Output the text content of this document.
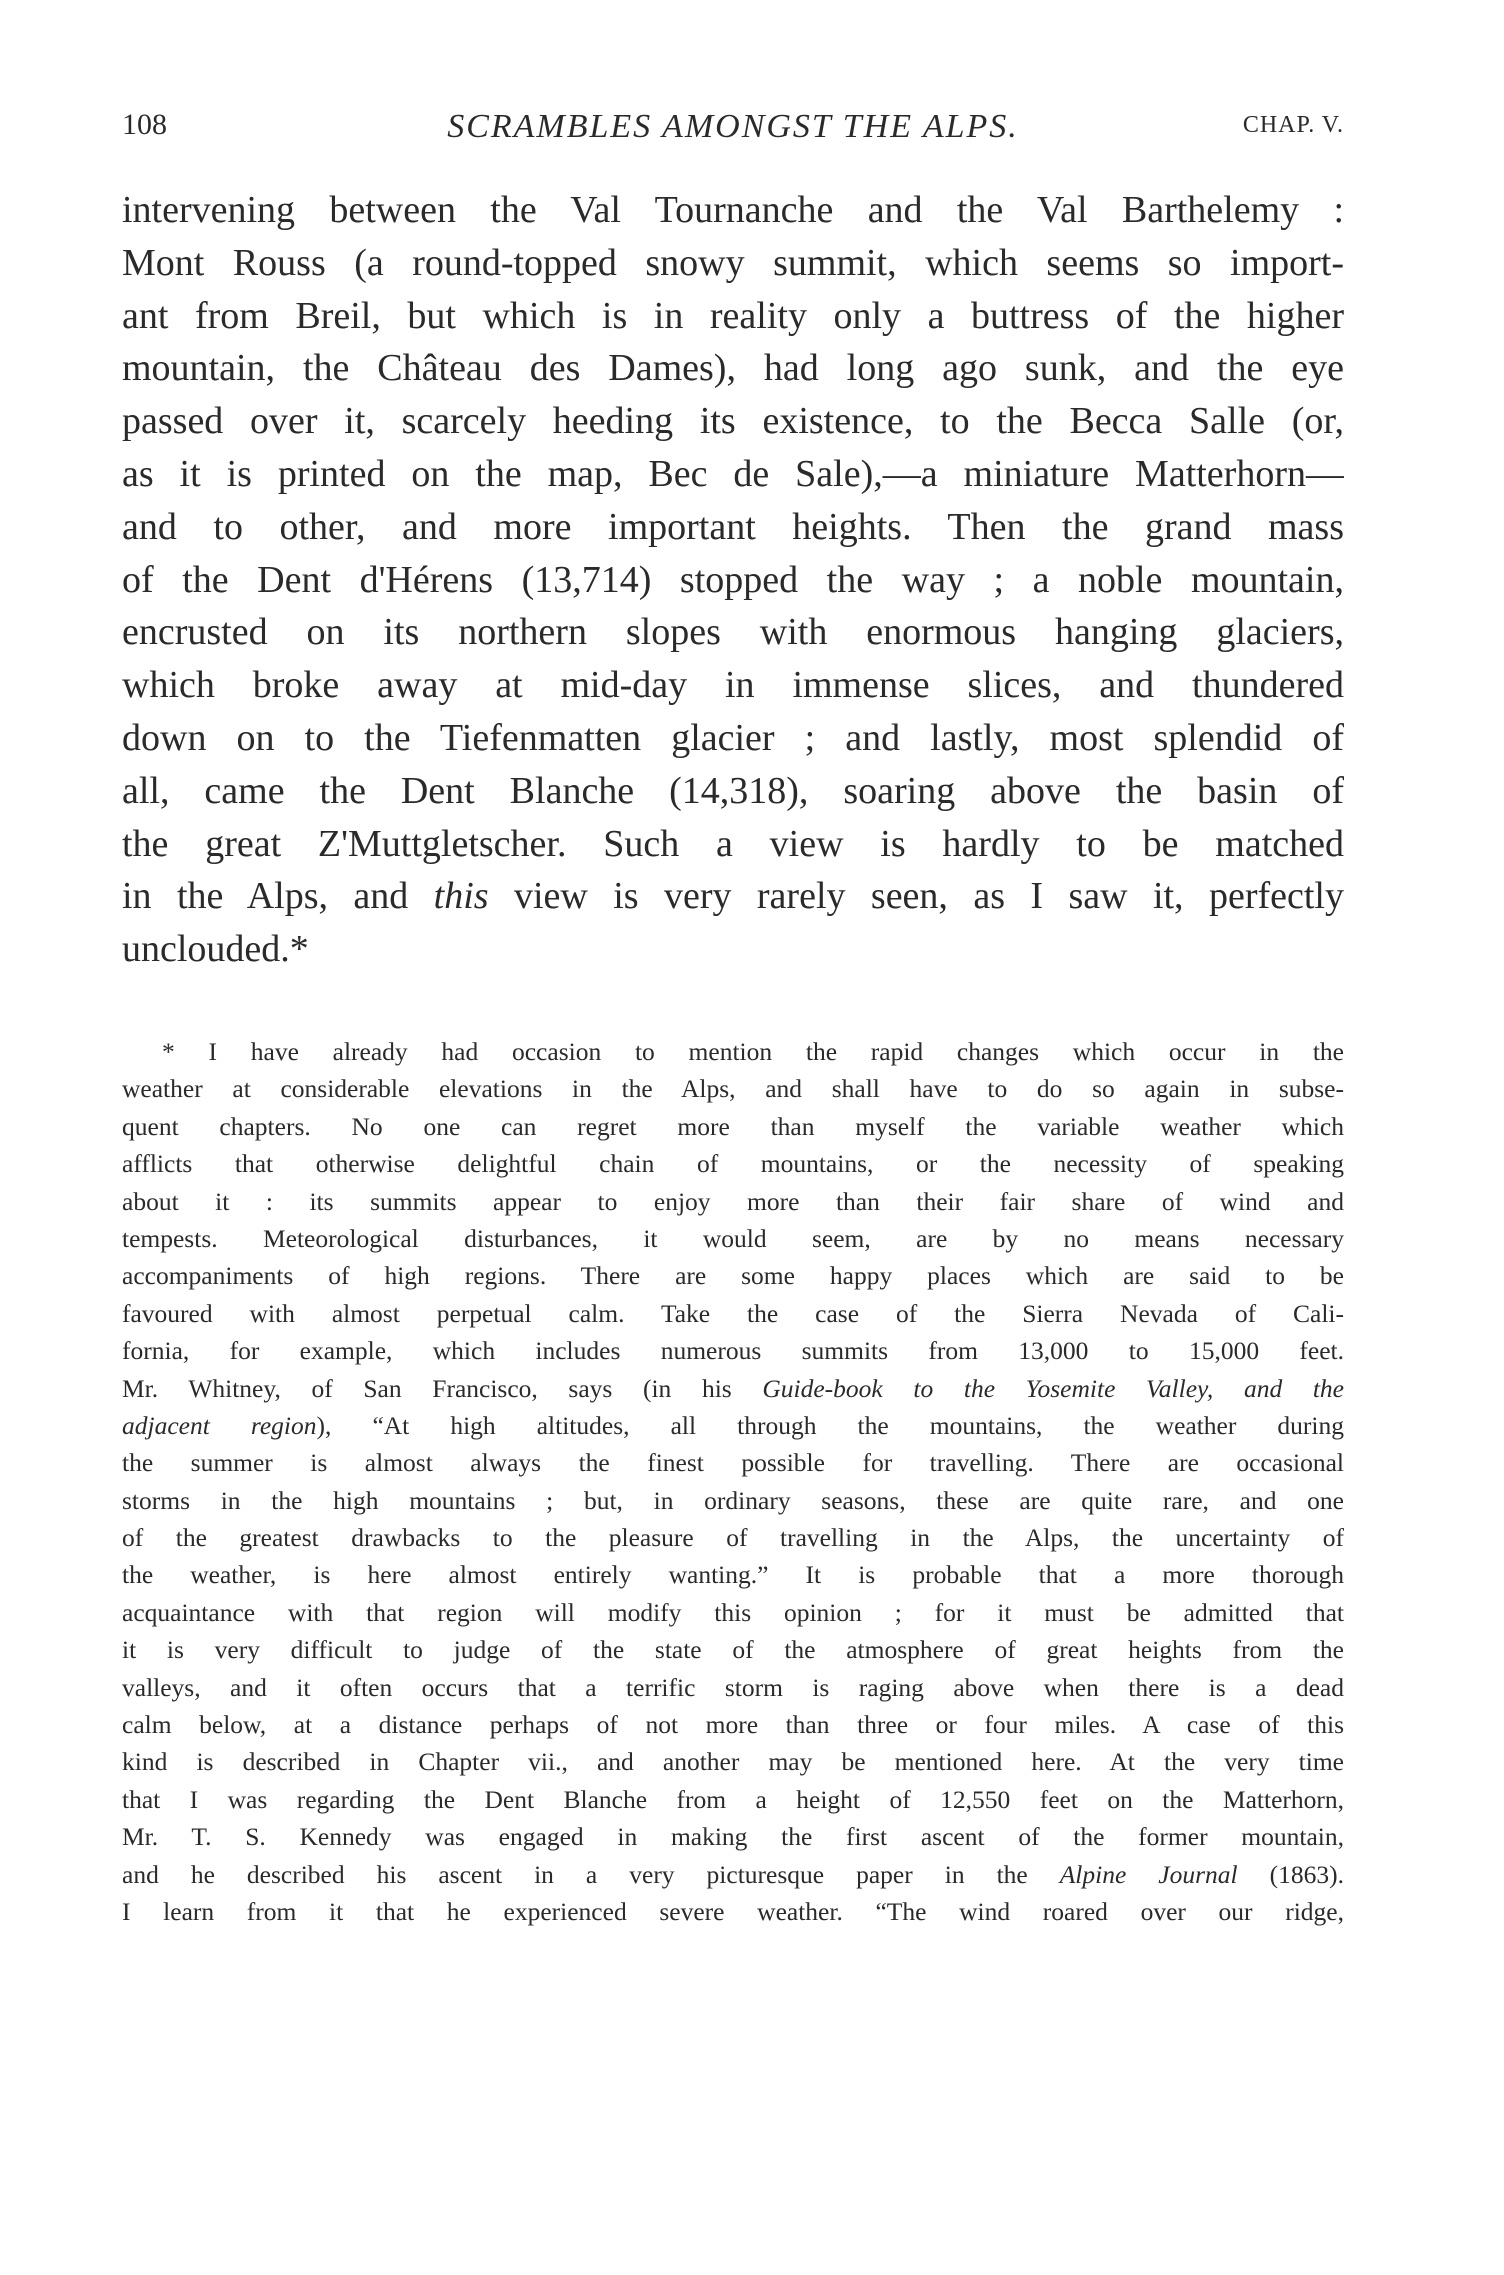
108	SCRAMBLES AMONGST THE ALPS.	CHAP. V.
intervening between the Val Tournanche and the Val Barthelemy :
Mont Rouss (a round-topped snowy summit, which seems so import-
ant from Breil, but which is in reality only a buttress of the higher
mountain, the Château des Dames), had long ago sunk, and the eye
passed over it, scarcely heeding its existence, to the Becca Salle (or,
as it is printed on the map, Bec de Sale),—a miniature Matterhorn—
and to other, and more important heights. Then the grand mass
of the Dent d'Hérens (13,714) stopped the way ; a noble mountain,
encrusted on its northern slopes with enormous hanging glaciers,
which broke away at mid-day in immense slices, and thundered
down on to the Tiefenmatten glacier ; and lastly, most splendid of
all, came the Dent Blanche (14,318), soaring above the basin of
the great Z'Muttgletscher. Such a view is hardly to be matched
in the Alps, and this view is very rarely seen, as I saw it, perfectly
unclouded.*
* I have already had occasion to mention the rapid changes which occur in the
weather at considerable elevations in the Alps, and shall have to do so again in subse-
quent chapters. No one can regret more than myself the variable weather which
afflicts that otherwise delightful chain of mountains, or the necessity of speaking
about it : its summits appear to enjoy more than their fair share of wind and
tempests. Meteorological disturbances, it would seem, are by no means necessary
accompaniments of high regions. There are some happy places which are said to be
favoured with almost perpetual calm. Take the case of the Sierra Nevada of Cali-
fornia, for example, which includes numerous summits from 13,000 to 15,000 feet.
Mr. Whitney, of San Francisco, says (in his Guide-book to the Yosemite Valley, and the
adjacent region), “At high altitudes, all through the mountains, the weather during
the summer is almost always the finest possible for travelling. There are occasional
storms in the high mountains ; but, in ordinary seasons, these are quite rare, and one
of the greatest drawbacks to the pleasure of travelling in the Alps, the uncertainty of
the weather, is here almost entirely wanting.” It is probable that a more thorough
acquaintance with that region will modify this opinion ; for it must be admitted that
it is very difficult to judge of the state of the atmosphere of great heights from the
valleys, and it often occurs that a terrific storm is raging above when there is a dead
calm below, at a distance perhaps of not more than three or four miles. A case of this
kind is described in Chapter vii., and another may be mentioned here. At the very time
that I was regarding the Dent Blanche from a height of 12,550 feet on the Matterhorn,
Mr. T. S. Kennedy was engaged in making the first ascent of the former mountain,
and he described his ascent in a very picturesque paper in the Alpine Journal (1863).
I learn from it that he experienced severe weather. “The wind roared over our ridge,
